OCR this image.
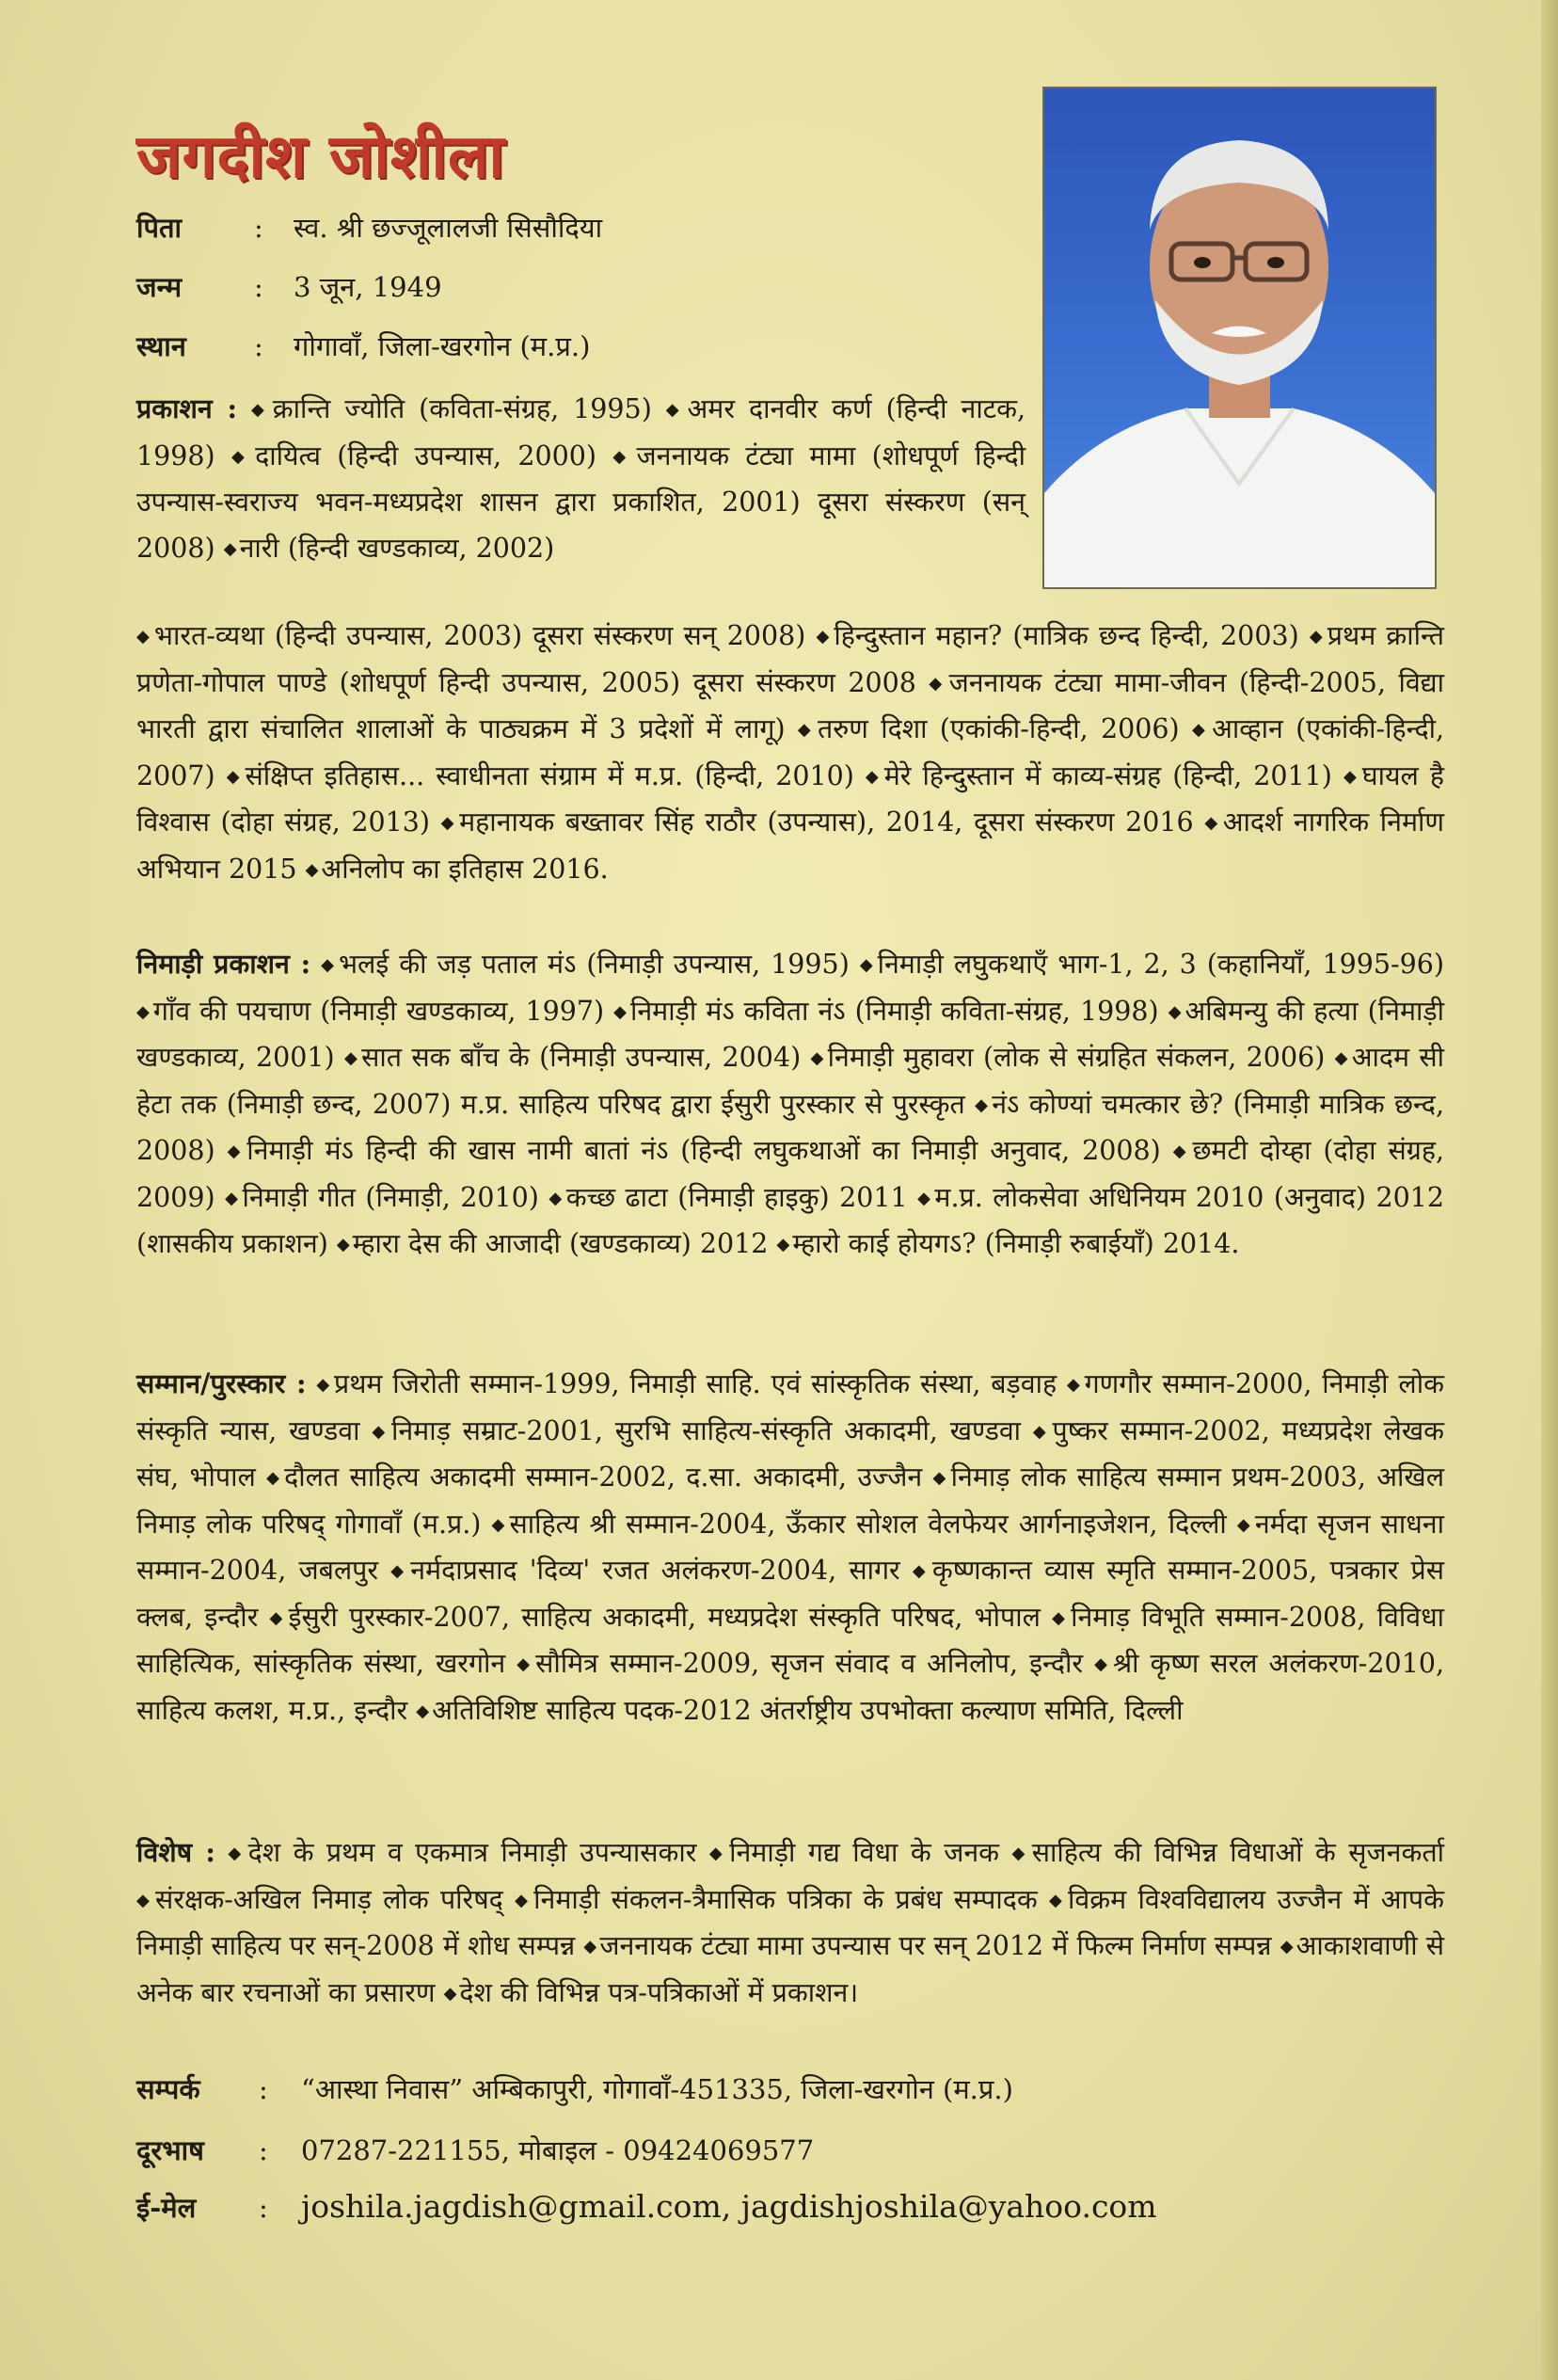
जगदीश जोशीला
पिता	: स्व. श्री छज्जूलालजी सिसौदिया
जन्म	: 3 जून, 1949
स्थान : गोगावाँ, जिला-खरगोन (म.प्र.)
प्रकाशन : ◆ क्रान्ति ज्योति (कविता-संग्रह, 1995) ◆ अमर दानवीर कर्ण (हिन्दी नाटक, 1998) ◆ दायित्व (हिन्दी उपन्यास, 2000) ◆ जननायक टंट्या मामा (शोधपूर्ण हिन्दी उपन्यास-स्वराज्य भवन-मध्यप्रदेश शासन द्वारा प्रकाशित, 2001) दूसरा संस्करण (सन् 2008) ◆ नारी (हिन्दी खण्डकाव्य, 2002)
◆ भारत-व्यथा (हिन्दी उपन्यास, 2003) दूसरा संस्करण सन् 2008) ◆ हिन्दुस्तान महान? (मात्रिक छन्द हिन्दी, 2003) ◆ प्रथम क्रान्ति प्रणेता-गोपाल पाण्डे (शोधपूर्ण हिन्दी उपन्यास, 2005) दूसरा संस्करण 2008 ◆ जननायक टंट्या मामा-जीवन (हिन्दी-2005, विद्या भारती द्वारा संचालित शालाओं के पाठ्यक्रम में 3 प्रदेशों में लागू) ◆ तरुण दिशा (एकांकी-हिन्दी, 2006) ◆ आव्हान (एकांकी-हिन्दी, 2007) ◆ संक्षिप्त इतिहास... स्वाधीनता संग्राम में म.प्र. (हिन्दी, 2010) ◆ मेरे हिन्दुस्तान में काव्य-संग्रह (हिन्दी, 2011) ◆ घायल है विश्वास (दोहा संग्रह, 2013) ◆ महानायक बख्तावर सिंह राठौर (उपन्यास), 2014, दूसरा संस्करण 2016 ◆ आदर्श नागरिक निर्माण अभियान 2015 ◆ अनिलोप का इतिहास 2016.
निमाड़ी प्रकाशन : ◆ भलई की जड़ पताल मंऽ (निमाड़ी उपन्यास, 1995) ◆ निमाड़ी लघुकथाएँ भाग-1, 2, 3 (कहानियाँ, 1995-96) ◆ गाँव की पयचाण (निमाड़ी खण्डकाव्य, 1997) ◆ निमाड़ी मंऽ कविता नंऽ (निमाड़ी कविता-संग्रह, 1998) ◆ अबिमन्यु की हत्या (निमाड़ी खण्डकाव्य, 2001) ◆ सात सक बाँच के (निमाड़ी उपन्यास, 2004) ◆ निमाड़ी मुहावरा (लोक से संग्रहित संकलन, 2006) ◆ आदम सी हेटा तक (निमाड़ी छन्द, 2007) म.प्र. साहित्य परिषद द्वारा ईसुरी पुरस्कार से पुरस्कृत ◆ नंऽ कोण्यां चमत्कार छे? (निमाड़ी मात्रिक छन्द, 2008) ◆ निमाड़ी मंऽ हिन्दी की खास नामी बातां नंऽ (हिन्दी लघुकथाओं का निमाड़ी अनुवाद, 2008) ◆ छमटी दोय्हा (दोहा संग्रह, 2009) ◆ निमाड़ी गीत (निमाड़ी, 2010) ◆ कच्छ ढाटा (निमाड़ी हाइकु) 2011 ◆ म.प्र. लोकसेवा अधिनियम 2010 (अनुवाद) 2012 (शासकीय प्रकाशन) ◆ म्हारा देस की आजादी (खण्डकाव्य) 2012 ◆ म्हारो काई होयगऽ? (निमाड़ी रुबाईयाँ) 2014.
सम्मान/पुरस्कार : ◆ प्रथम जिरोती सम्मान-1999, निमाड़ी साहि. एवं सांस्कृतिक संस्था, बड़वाह ◆ गणगौर सम्मान-2000, निमाड़ी लोक संस्कृति न्यास, खण्डवा ◆ निमाड़ सम्राट-2001, सुरभि साहित्य-संस्कृति अकादमी, खण्डवा ◆ पुष्कर सम्मान-2002, मध्यप्रदेश लेखक संघ, भोपाल ◆ दौलत साहित्य अकादमी सम्मान-2002, द.सा. अकादमी, उज्जैन ◆ निमाड़ लोक साहित्य सम्मान प्रथम-2003, अखिल निमाड़ लोक परिषद् गोगावाँ (म.प्र.) ◆ साहित्य श्री सम्मान-2004, ऊँकार सोशल वेलफेयर आर्गनाइजेशन, दिल्ली ◆ नर्मदा सृजन साधना सम्मान-2004, जबलपुर ◆ नर्मदाप्रसाद 'दिव्य' रजत अलंकरण-2004, सागर ◆ कृष्णकान्त व्यास स्मृति सम्मान-2005, पत्रकार प्रेस क्लब, इन्दौर ◆ ईसुरी पुरस्कार-2007, साहित्य अकादमी, मध्यप्रदेश संस्कृति परिषद, भोपाल ◆ निमाड़ विभूति सम्मान-2008, विविधा साहित्यिक, सांस्कृतिक संस्था, खरगोन ◆ सौमित्र सम्मान-2009, सृजन संवाद व अनिलोप, इन्दौर ◆ श्री कृष्ण सरल अलंकरण-2010, साहित्य कलश, म.प्र., इन्दौर ◆ अतिविशिष्ट साहित्य पदक-2012 अंतर्राष्ट्रीय उपभोक्ता कल्याण समिति, दिल्ली
विशेष : ◆ देश के प्रथम व एकमात्र निमाड़ी उपन्यासकार ◆ निमाड़ी गद्य विधा के जनक ◆ साहित्य की विभिन्न विधाओं के सृजनकर्ता ◆ संरक्षक-अखिल निमाड़ लोक परिषद् ◆ निमाड़ी संकलन-त्रैमासिक पत्रिका के प्रबंध सम्पादक ◆ विक्रम विश्वविद्यालय उज्जैन में आपके निमाड़ी साहित्य पर सन्-2008 में शोध सम्पन्न ◆ जननायक टंट्या मामा उपन्यास पर सन् 2012 में फिल्म निर्माण सम्पन्न ◆ आकाशवाणी से अनेक बार रचनाओं का प्रसारण ◆ देश की विभिन्न पत्र-पत्रिकाओं में प्रकाशन।
सम्पर्क : “आस्था निवास” अम्बिकापुरी, गोगावाँ-451335, जिला-खरगोन (म.प्र.)
दूरभाष : 07287-221155, मोबाइल - 09424069577
ई-मेल : joshila.jagdish@gmail.com, jagdishjoshila@yahoo.com
